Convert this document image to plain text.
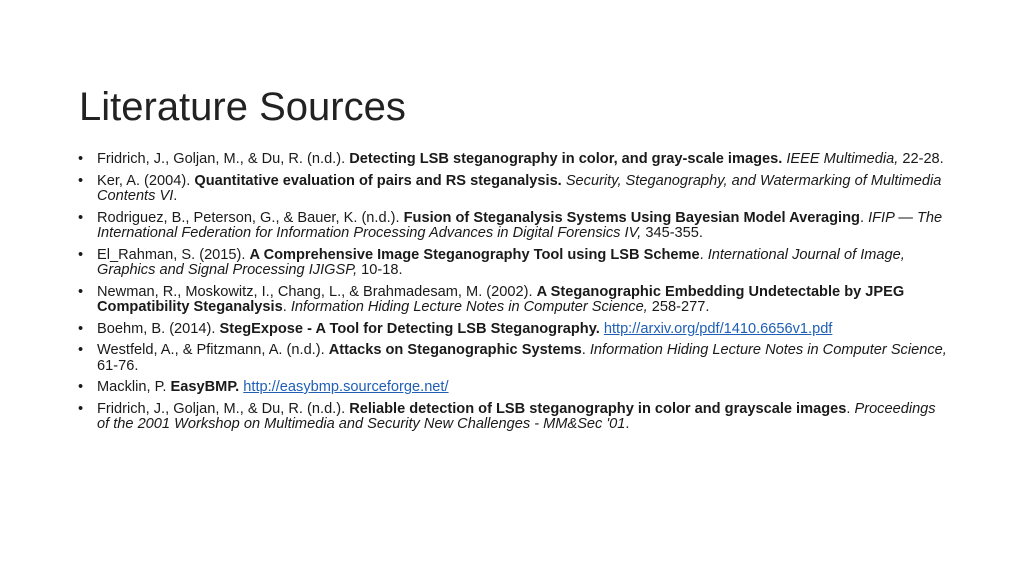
Literature Sources
• Fridrich, J., Goljan, M., & Du, R. (n.d.). Detecting LSB steganography in color, and gray-scale images. IEEE Multimedia, 22-28.
• Ker, A. (2004). Quantitative evaluation of pairs and RS steganalysis. Security, Steganography, and Watermarking of Multimedia Contents VI.
• Rodriguez, B., Peterson, G., & Bauer, K. (n.d.). Fusion of Steganalysis Systems Using Bayesian Model Averaging. IFIP — The International Federation for Information Processing Advances in Digital Forensics IV, 345-355.
• El_Rahman, S. (2015). A Comprehensive Image Steganography Tool using LSB Scheme. International Journal of Image, Graphics and Signal Processing IJIGSP, 10-18.
• Newman, R., Moskowitz, I., Chang, L., & Brahmadesam, M. (2002). A Steganographic Embedding Undetectable by JPEG Compatibility Steganalysis. Information Hiding Lecture Notes in Computer Science, 258-277.
• Boehm, B. (2014). StegExpose - A Tool for Detecting LSB Steganography. http://arxiv.org/pdf/1410.6656v1.pdf
• Westfeld, A., & Pfitzmann, A. (n.d.). Attacks on Steganographic Systems. Information Hiding Lecture Notes in Computer Science, 61-76.
• Macklin, P. EasyBMP. http://easybmp.sourceforge.net/
• Fridrich, J., Goljan, M., & Du, R. (n.d.). Reliable detection of LSB steganography in color and grayscale images. Proceedings of the 2001 Workshop on Multimedia and Security New Challenges - MM&Sec '01.
